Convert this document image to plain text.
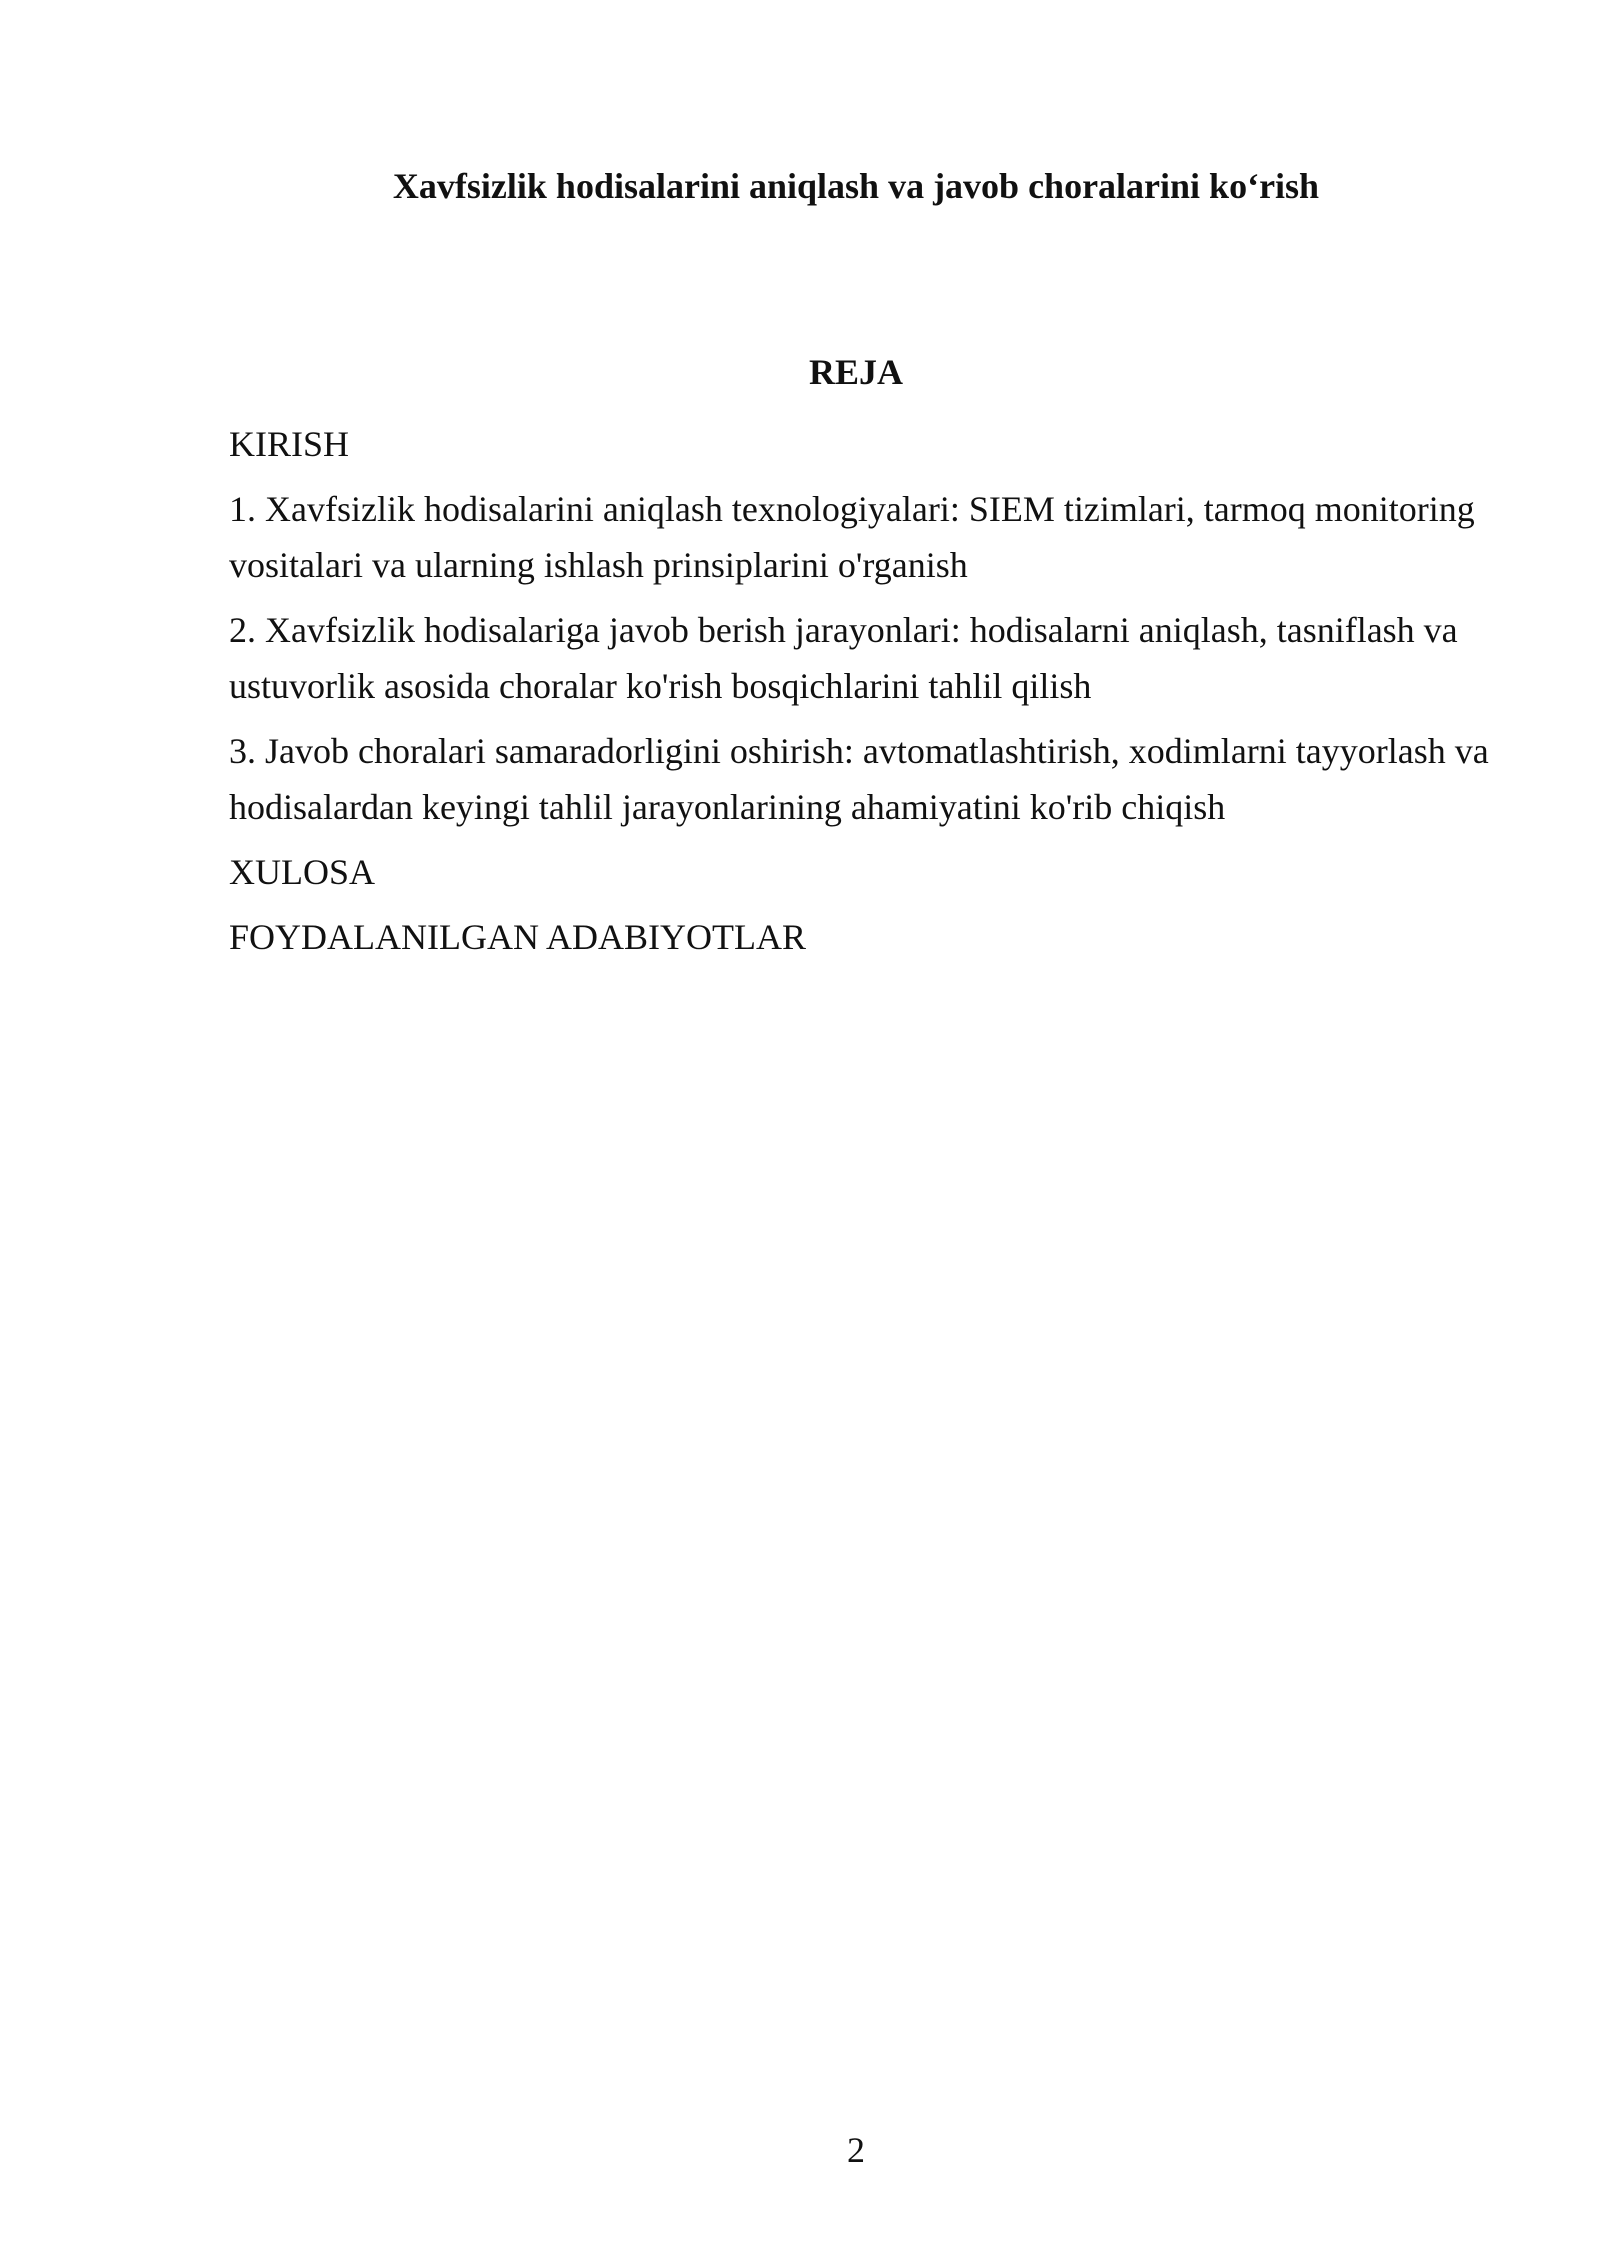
Xavfsizlik hodisalarini aniqlash va javob choralarini ko‘rish
REJA
KIRISH
1. Xavfsizlik hodisalarini aniqlash texnologiyalari: SIEM tizimlari, tarmoq monitoring vositalari va ularning ishlash prinsiplarini o'rganish
2. Xavfsizlik hodisalariga javob berish jarayonlari: hodisalarni aniqlash, tasniflash va ustuvorlik asosida choralar ko'rish bosqichlarini tahlil qilish
3. Javob choralari samaradorligini oshirish: avtomatlashtirish, xodimlarni tayyorlash va hodisalardan keyingi tahlil jarayonlarining ahamiyatini ko'rib chiqish
XULOSA
FOYDALANILGAN ADABIYOTLAR
2
